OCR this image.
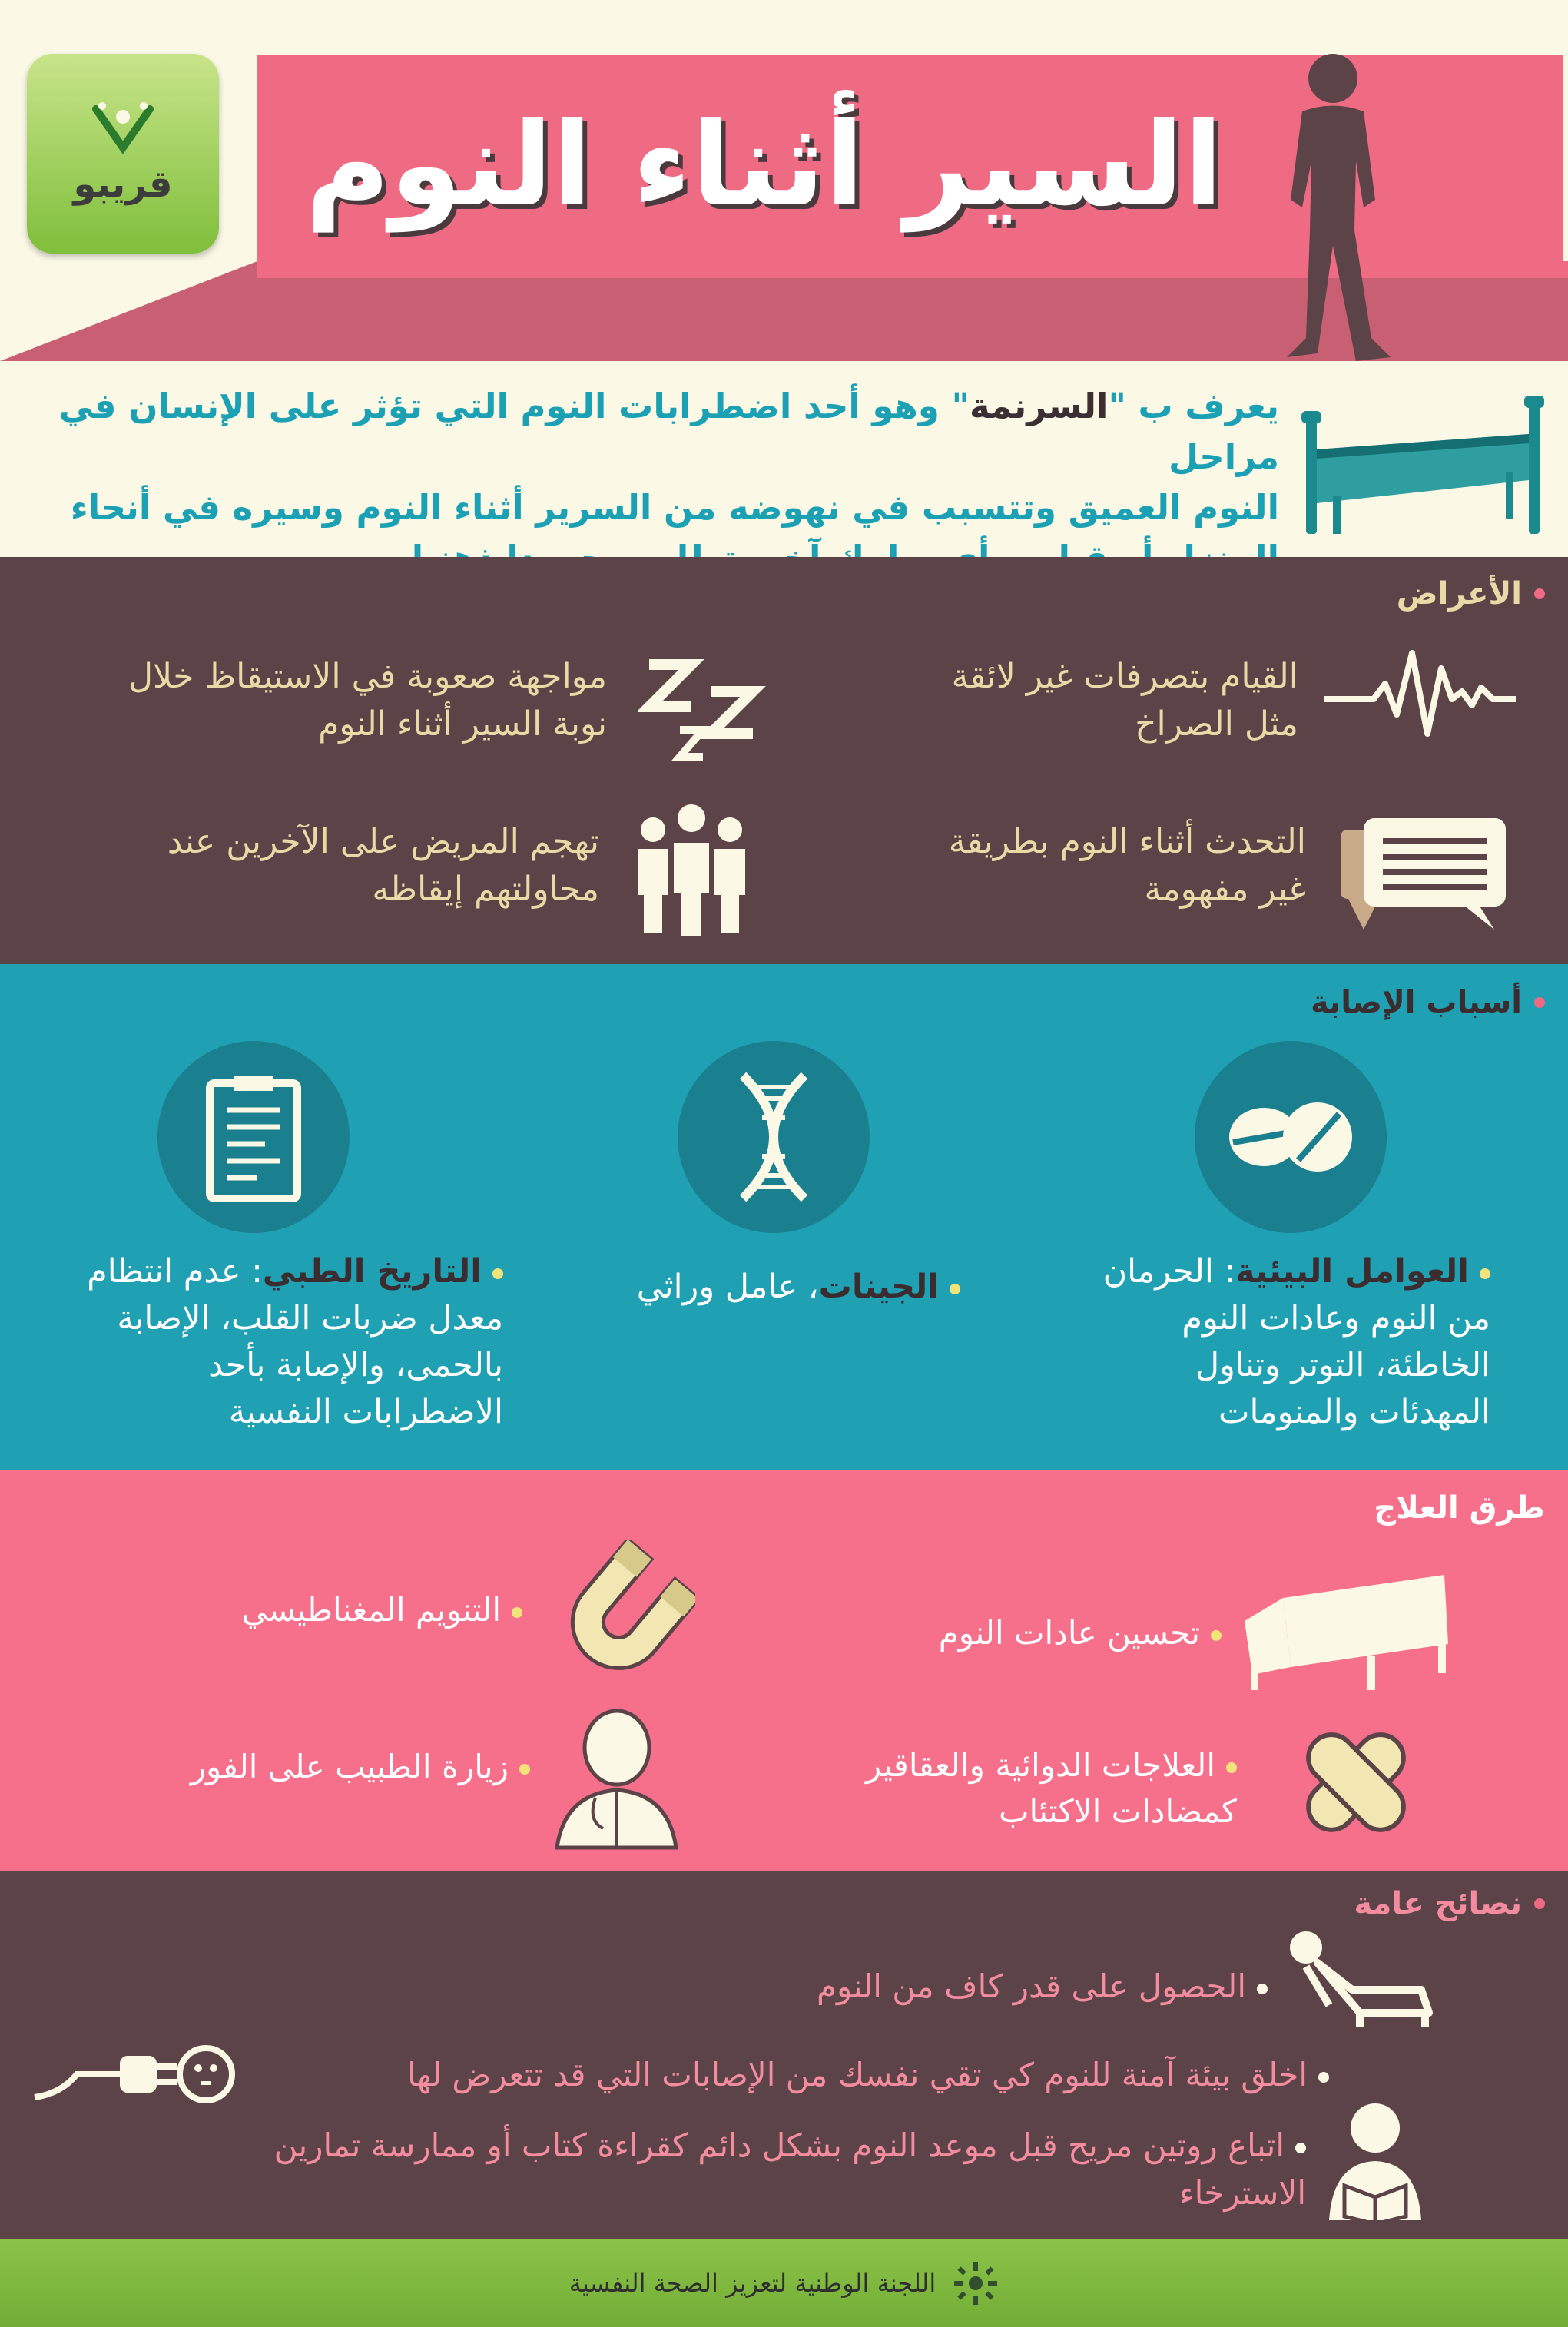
السير أثناء النوم
قريبو
يعرف ب "السرنمة" وهو أحد اضطرابات النوم التي تؤثر على الإنسان في مراحل
النوم العميق وتتسبب في نهوضه من السرير أثناء النوم وسيره في أنحاء
الأعراض
القيام بتصرفات غير لائقة
مثل الصراخ
مواجهة صعوبة في الاستيقاظ خلال
نوبة السير أثناء النوم
التحدث أثناء النوم بطريقة
غير مفهومة
تهجم المريض على الآخرين عند
محاولتهم إيقاظه
أسباب الإصابة
العوامل البيئية: الحرمان
من النوم وعادات النوم
الخاطئة، التوتر وتناول
المهدئات والمنومات
الجينات، عامل وراثي
التاريخ الطبي: عدم انتظام
معدل ضربات القلب، الإصابة
بالحمى، والإصابة بأحد
الاضطرابات النفسية
طرق العلاج
تحسين عادات النوم
التنويم المغناطيسي
العلاجات الدوائية والعقاقير
كمضادات الاكتئاب
زيارة الطبيب على الفور
نصائح عامة
الحصول على قدر كاف من النوم
اخلق بيئة آمنة للنوم كي تقي نفسك من الإصابات التي قد تتعرض لها
اتباع روتين مريح قبل موعد النوم بشكل دائم كقراءة كتاب أو ممارسة تمارين
الاسترخاء
اللجنة الوطنية لتعزيز الصحة النفسية
